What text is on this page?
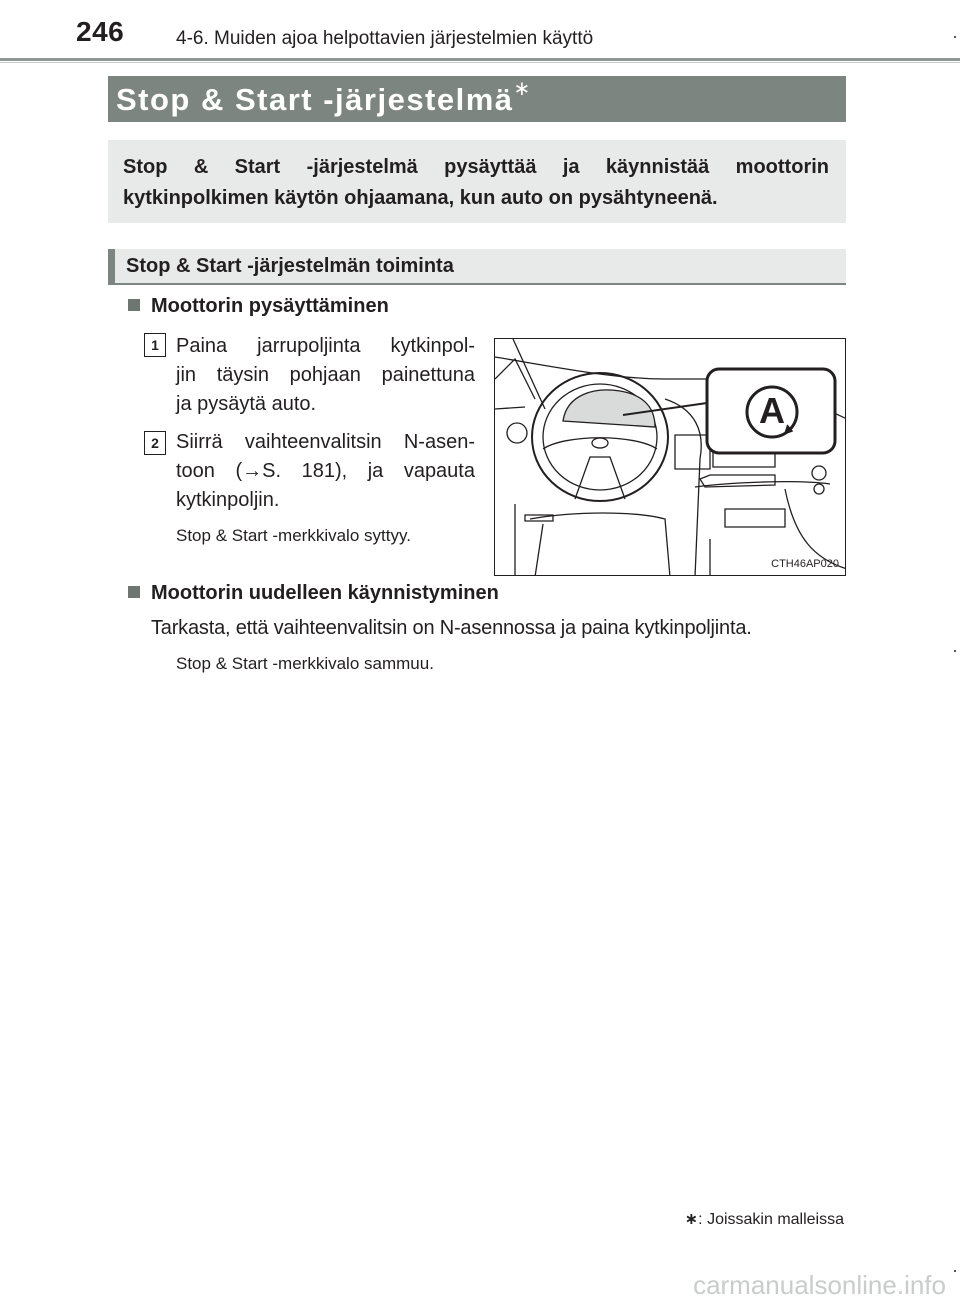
246	4-6. Muiden ajoa helpottavien järjestelmien käyttö
Stop & Start -järjestelmä∗
Stop & Start -järjestelmä pysäyttää ja käynnistää moottorin
kytkinpolkimen käytön ohjaamana, kun auto on pysähtyneenä.
Stop & Start -järjestelmän toiminta
Moottorin pysäyttäminen
1 Paina jarrupoljinta kytkinpol-
jin täysin pohjaan painettuna
ja pysäytä auto.
2 Siirrä vaihteenvalitsin N-asen-
toon (→S. 181), ja vapauta
kytkinpoljin.
Stop & Start -merkkivalo syttyy.
A
CTH46AP020
Moottorin uudelleen käynnistyminen
Tarkasta, että vaihteenvalitsin on N-asennossa ja paina kytkinpoljinta.
Stop & Start -merkkivalo sammuu.
∗: Joissakin malleissa
carmanualsonline.info
